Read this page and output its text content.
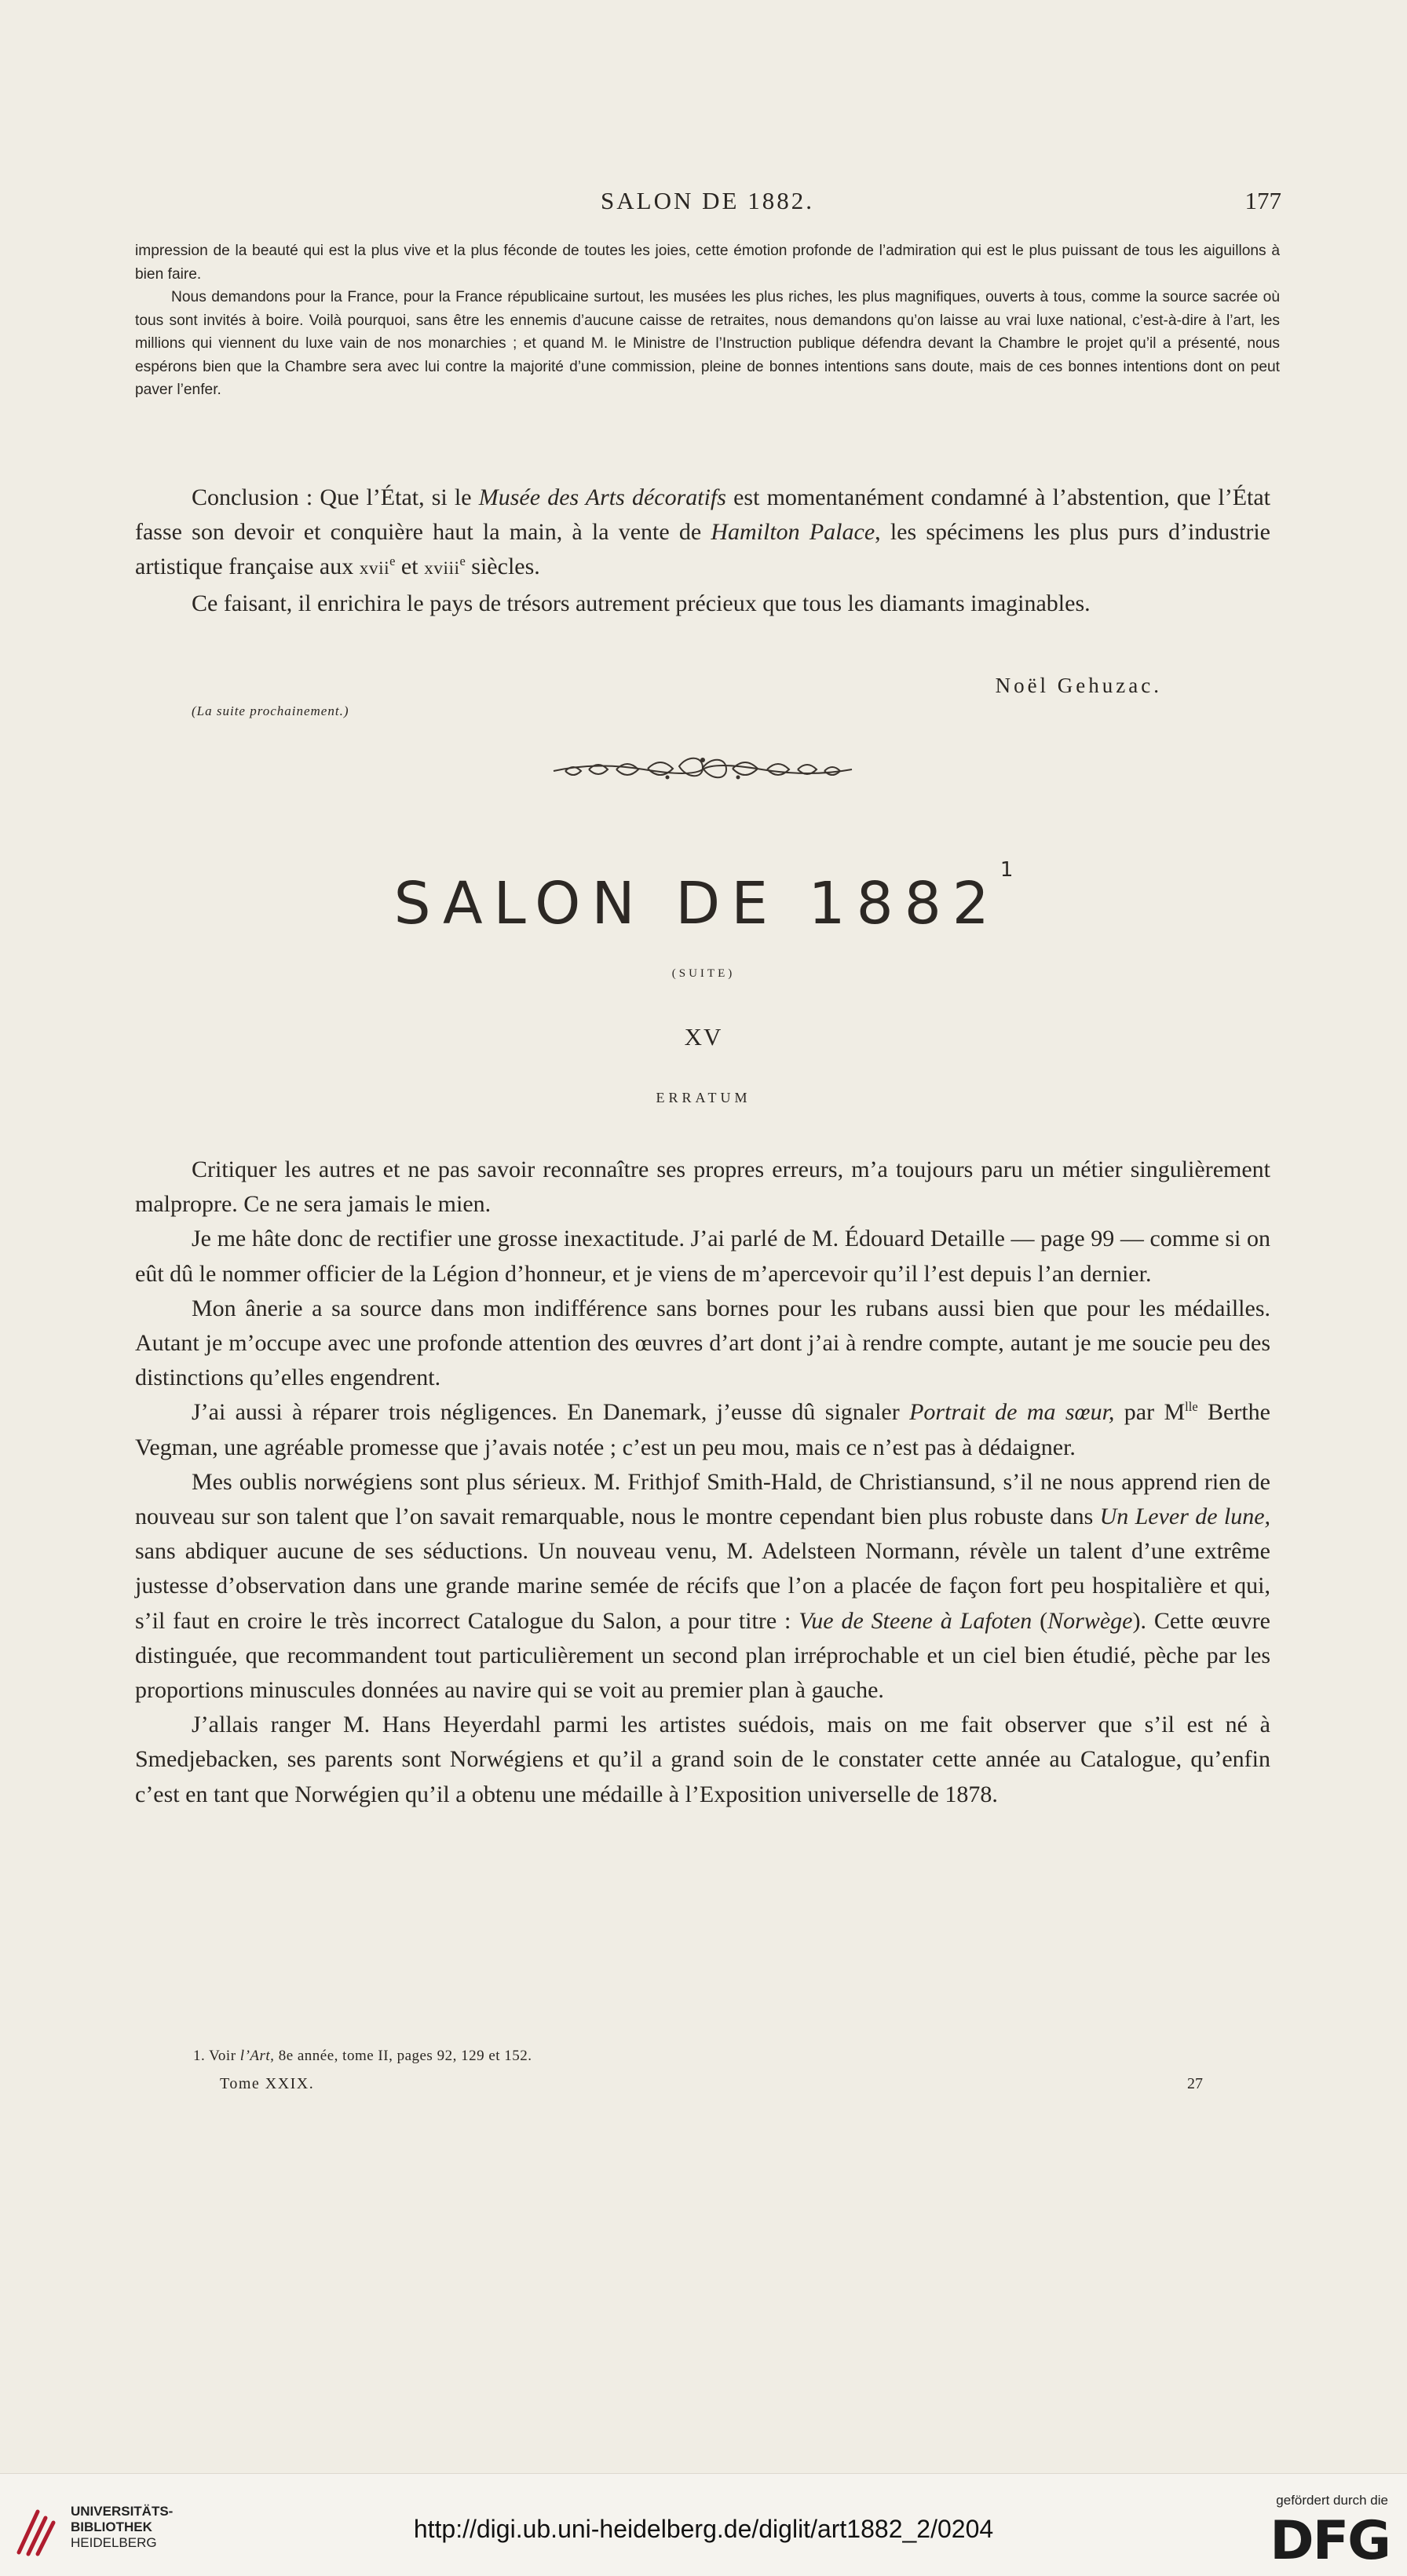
SALON DE 1882.	177

impression de la beauté qui est la plus vive et la plus féconde de toutes les joies, cette émotion profonde de l’admiration qui est le plus puissant de tous les aiguillons à bien faire.

Nous demandons pour la France, pour la France républicaine surtout, les musées les plus riches, les plus magnifiques, ouverts à tous, comme la source sacrée où tous sont invités à boire. Voilà pourquoi, sans être les ennemis d’aucune caisse de retraites, nous demandons qu’on laisse au vrai luxe national, c’est-à-dire à l’art, les millions qui viennent du luxe vain de nos monarchies ; et quand M. le Ministre de l’Instruction publique défendra devant la Chambre le projet qu’il a présenté, nous espérons bien que la Chambre sera avec lui contre la majorité d’une commission, pleine de bonnes intentions sans doute, mais de ces bonnes intentions dont on peut paver l’enfer.

Conclusion : Que l’État, si le Musée des Arts décoratifs est momentanément condamné à l’abstention, que l’État fasse son devoir et conquière haut la main, à la vente de Hamilton Palace, les spécimens les plus purs d’industrie artistique française aux xvii$^e$ et xviii$^e$ siècles.

Ce faisant, il enrichira le pays de trésors autrement précieux que tous les diamants imaginables.

Noël Gehuzac.
(La suite prochainement.)
SALON DE 1882$^1$
(SUITE)
XV
ERRATUM

Critiquer les autres et ne pas savoir reconnaître ses propres erreurs, m’a toujours paru un métier singulièrement malpropre. Ce ne sera jamais le mien.

Je me hâte donc de rectifier une grosse inexactitude. J’ai parlé de M. Édouard Detaille — page 99 — comme si on eût dû le nommer officier de la Légion d’honneur, et je viens de m’apercevoir qu’il l’est depuis l’an dernier.

Mon ânerie a sa source dans mon indifférence sans bornes pour les rubans aussi bien que pour les médailles. Autant je m’occupe avec une profonde attention des œuvres d’art dont j’ai à rendre compte, autant je me soucie peu des distinctions qu’elles engendrent.

J’ai aussi à réparer trois négligences. En Danemark, j’eusse dû signaler Portrait de ma sœur, par $M^{lle}$ Berthe Vegman, une agréable promesse que j’avais notée ; c’est un peu mou, mais ce n’est pas à dédaigner.

Mes oublis norwégiens sont plus sérieux. M. Frithjof Smith-Hald, de Christiansund, s’il ne nous apprend rien de nouveau sur son talent que l’on savait remarquable, nous le montre cependant bien plus robuste dans Un Lever de lune, sans abdiquer aucune de ses séductions. Un nouveau venu, M. Adelsteen Normann, révèle un talent d’une extrême justesse d’observation dans une grande marine semée de récifs que l’on a placée de façon fort peu hospitalière et qui, s’il faut en croire le très incorrect Catalogue du Salon, a pour titre : Vue de Steene à Lafoten (Norwège). Cette œuvre distinguée, que recommandent tout particulièrement un second plan irréprochable et un ciel bien étudié, pèche par les proportions minuscules données au navire qui se voit au premier plan à gauche.

J’allais ranger M. Hans Heyerdahl parmi les artistes suédois, mais on me fait observer que s’il est né à Smedjebacken, ses parents sont Norwégiens et qu’il a grand soin de le constater cette année au Catalogue, qu’enfin c’est en tant que Norwégien qu’il a obtenu une médaille à l’Exposition universelle de 1878.

1. Voir l’Art, 8e année, tome II, pages 92, 129 et 152.
Tome XXIX.	27
UNIVERSITÄTS-
BIBLIOTHEK
HEIDELBERG	http://digi.ub.uni-heidelberg.de/diglit/art1882_2/0204
gefördert durch die
DFG
